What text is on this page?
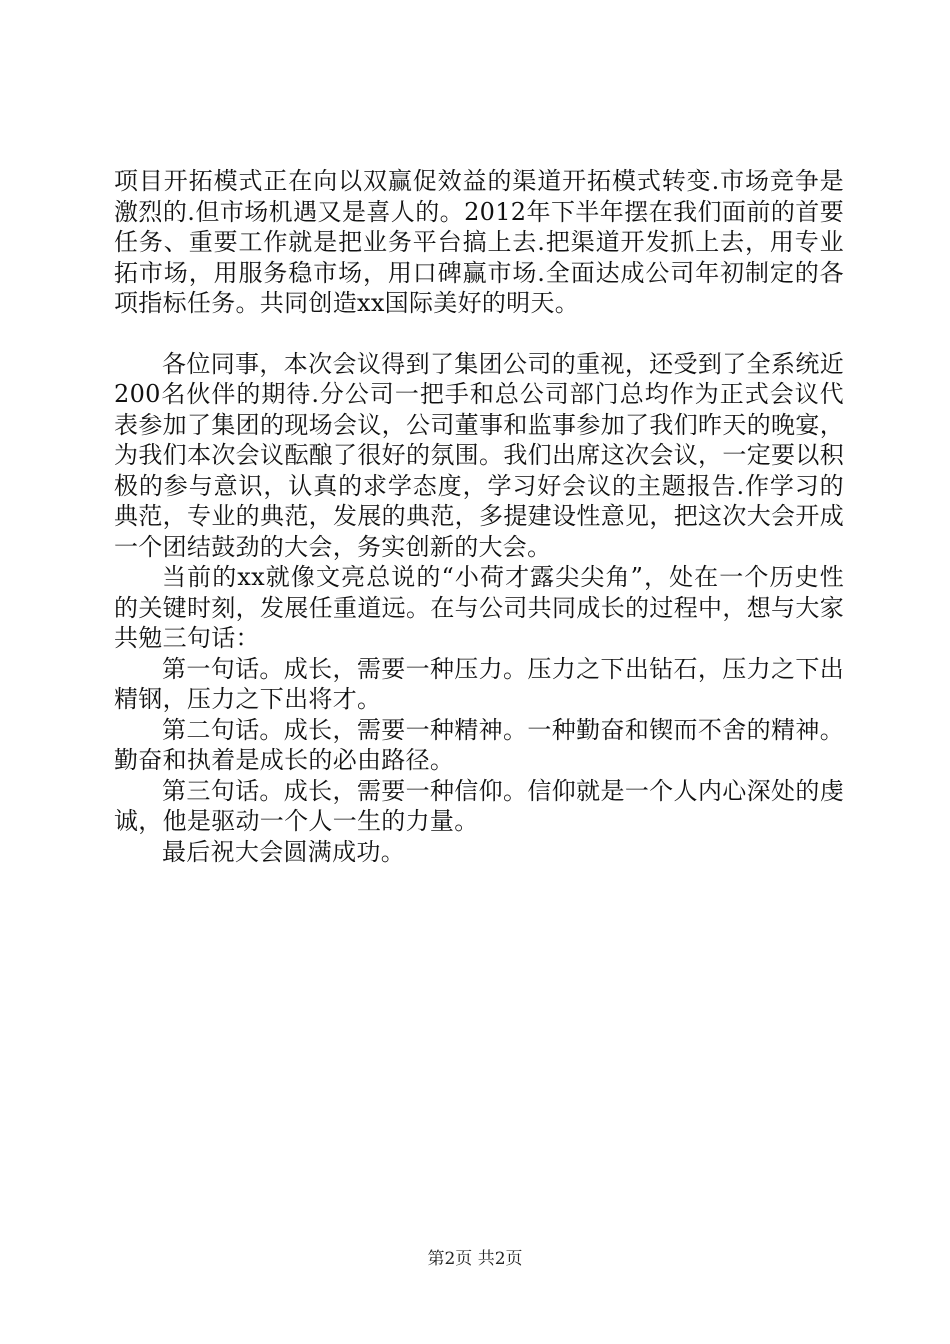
项目开拓模式正在向以双赢促效益的渠道开拓模式转变.市场竞争是激烈的.但市场机遇又是喜人的。2012年下半年摆在我们面前的首要任务、重要工作就是把业务平台搞上去.把渠道开发抓上去，用专业拓市场，用服务稳市场，用口碑赢市场.全面达成公司年初制定的各项指标任务。共同创造xx国际美好的明天。

各位同事，本次会议得到了集团公司的重视，还受到了全系统近200名伙伴的期待.分公司一把手和总公司部门总均作为正式会议代表参加了集团的现场会议，公司董事和监事参加了我们昨天的晚宴，为我们本次会议酝酿了很好的氛围。我们出席这次会议，一定要以积极的参与意识，认真的求学态度，学习好会议的主题报告.作学习的典范，专业的典范，发展的典范，多提建设性意见，把这次大会开成一个团结鼓劲的大会，务实创新的大会。

当前的xx就像文亮总说的“小荷才露尖尖角”，处在一个历史性的关键时刻，发展任重道远。在与公司共同成长的过程中，想与大家共勉三句话：

第一句话。成长，需要一种压力。压力之下出钻石，压力之下出精钢，压力之下出将才。

第二句话。成长，需要一种精神。一种勤奋和锲而不舍的精神。勤奋和执着是成长的必由路径。

第三句话。成长，需要一种信仰。信仰就是一个人内心深处的虔诚，他是驱动一个人一生的力量。

最后祝大会圆满成功。

第2页 共2页
